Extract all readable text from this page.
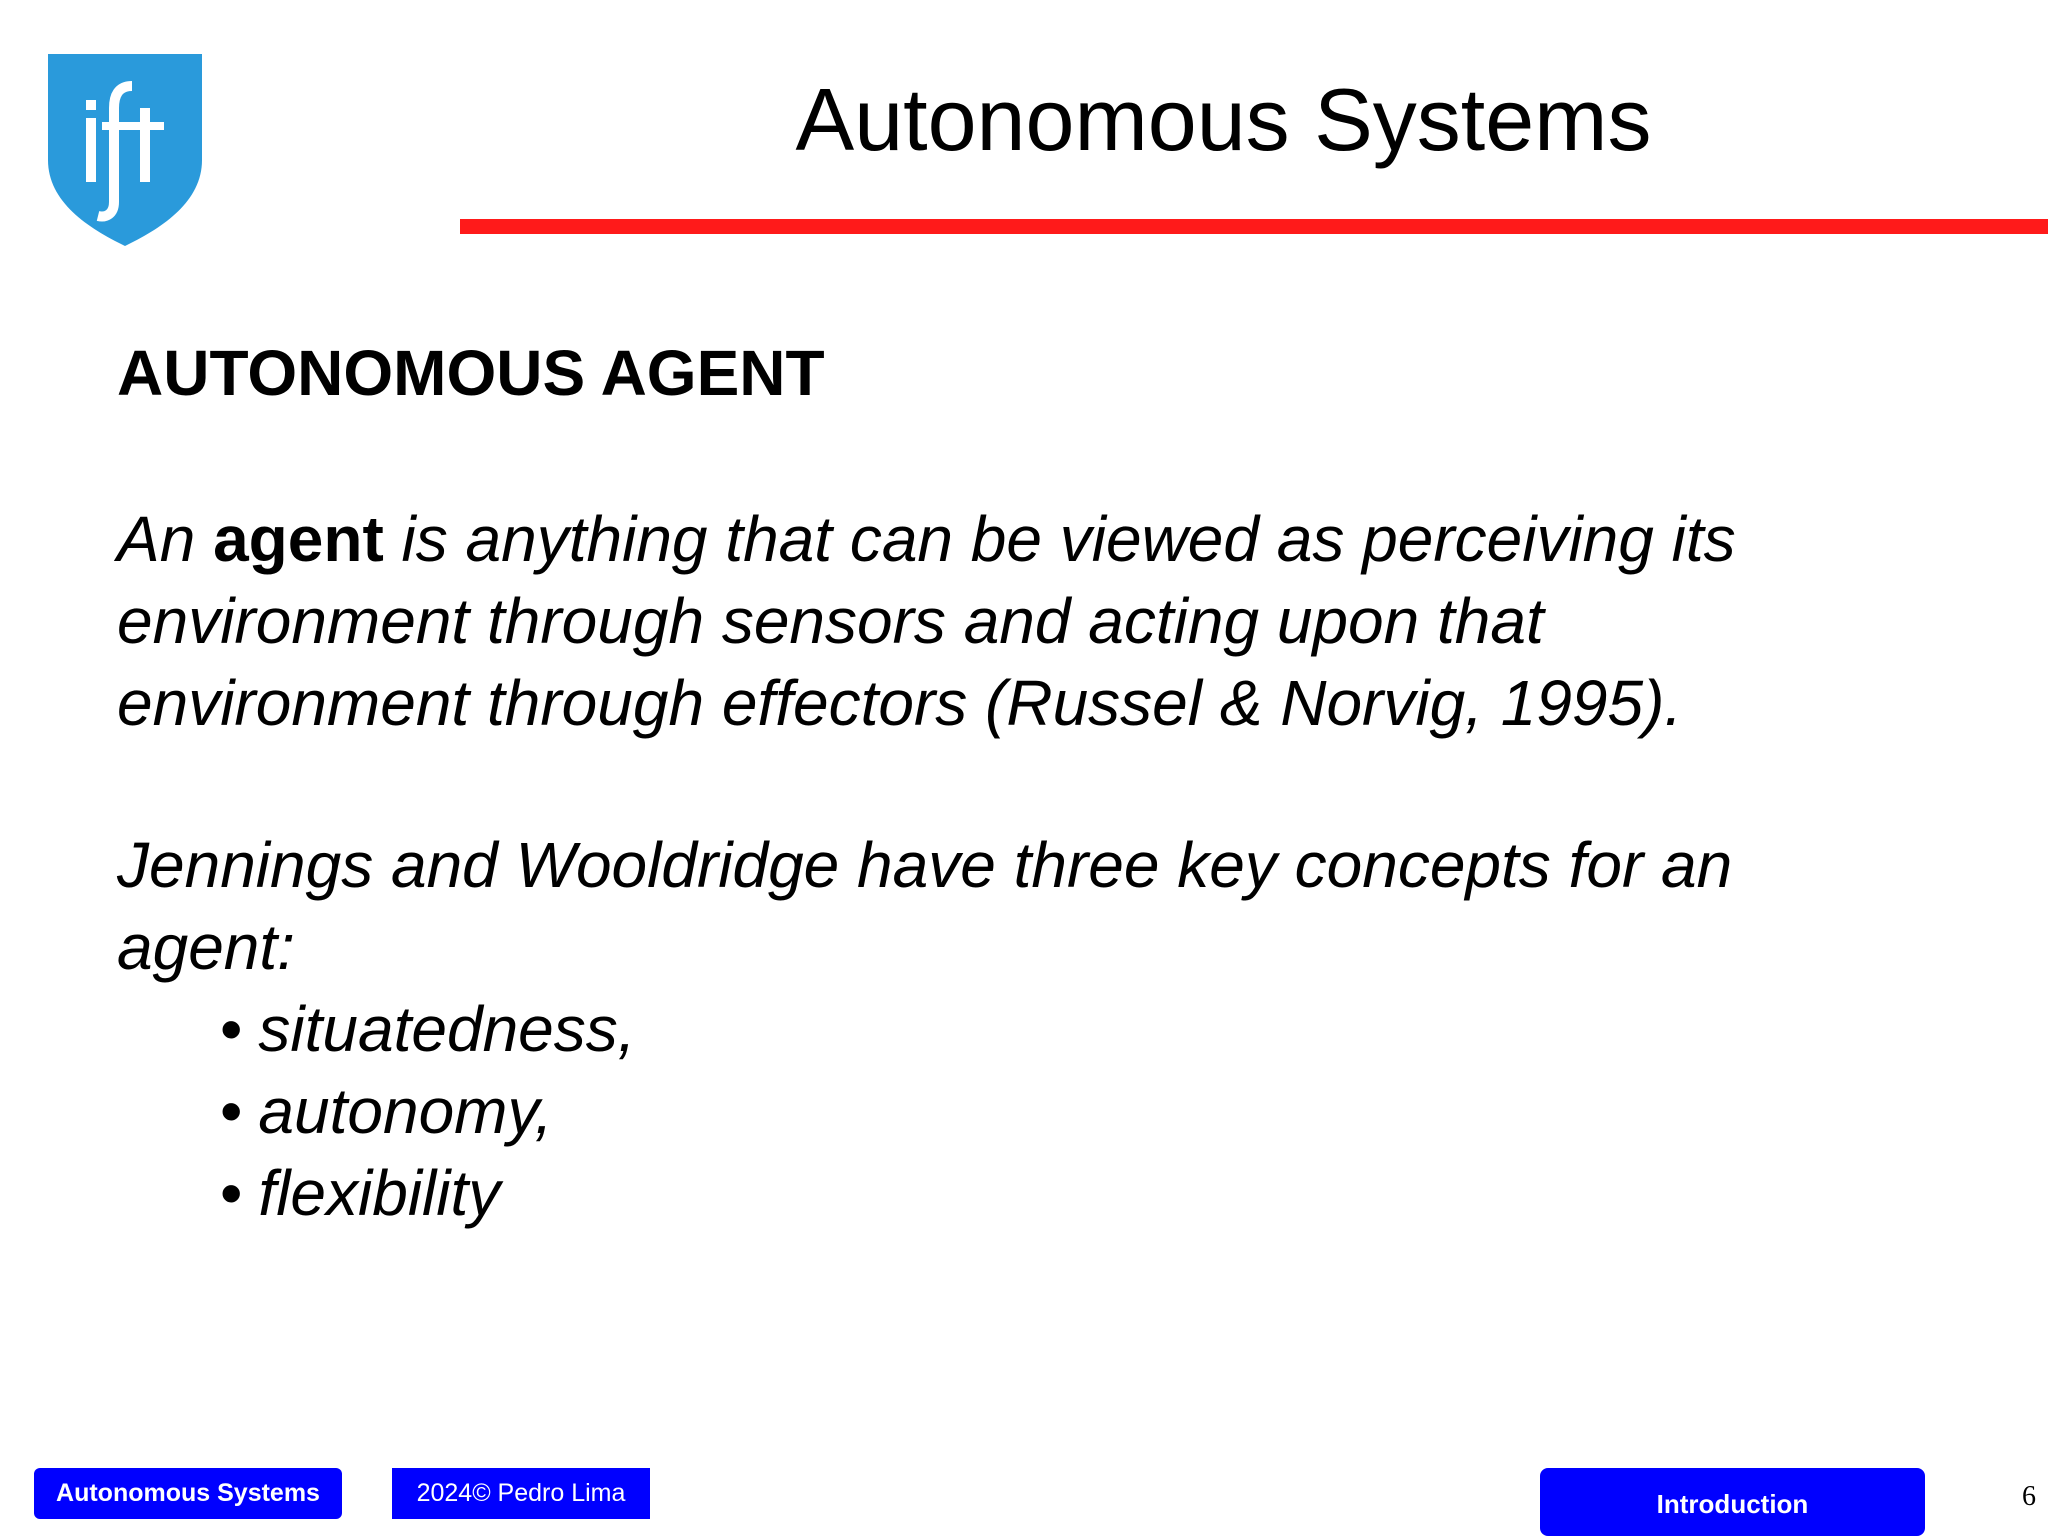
Autonomous Systems
AUTONOMOUS AGENT

An agent is anything that can be viewed as perceiving its
environment through sensors and acting upon that
environment through effectors (Russel & Norvig, 1995).

Jennings and Wooldridge have three key concepts for an
agent:

• situatedness,
• autonomy,
• flexibility
Autonomous Systems	2024© Pedro Lima	Introduction	6
